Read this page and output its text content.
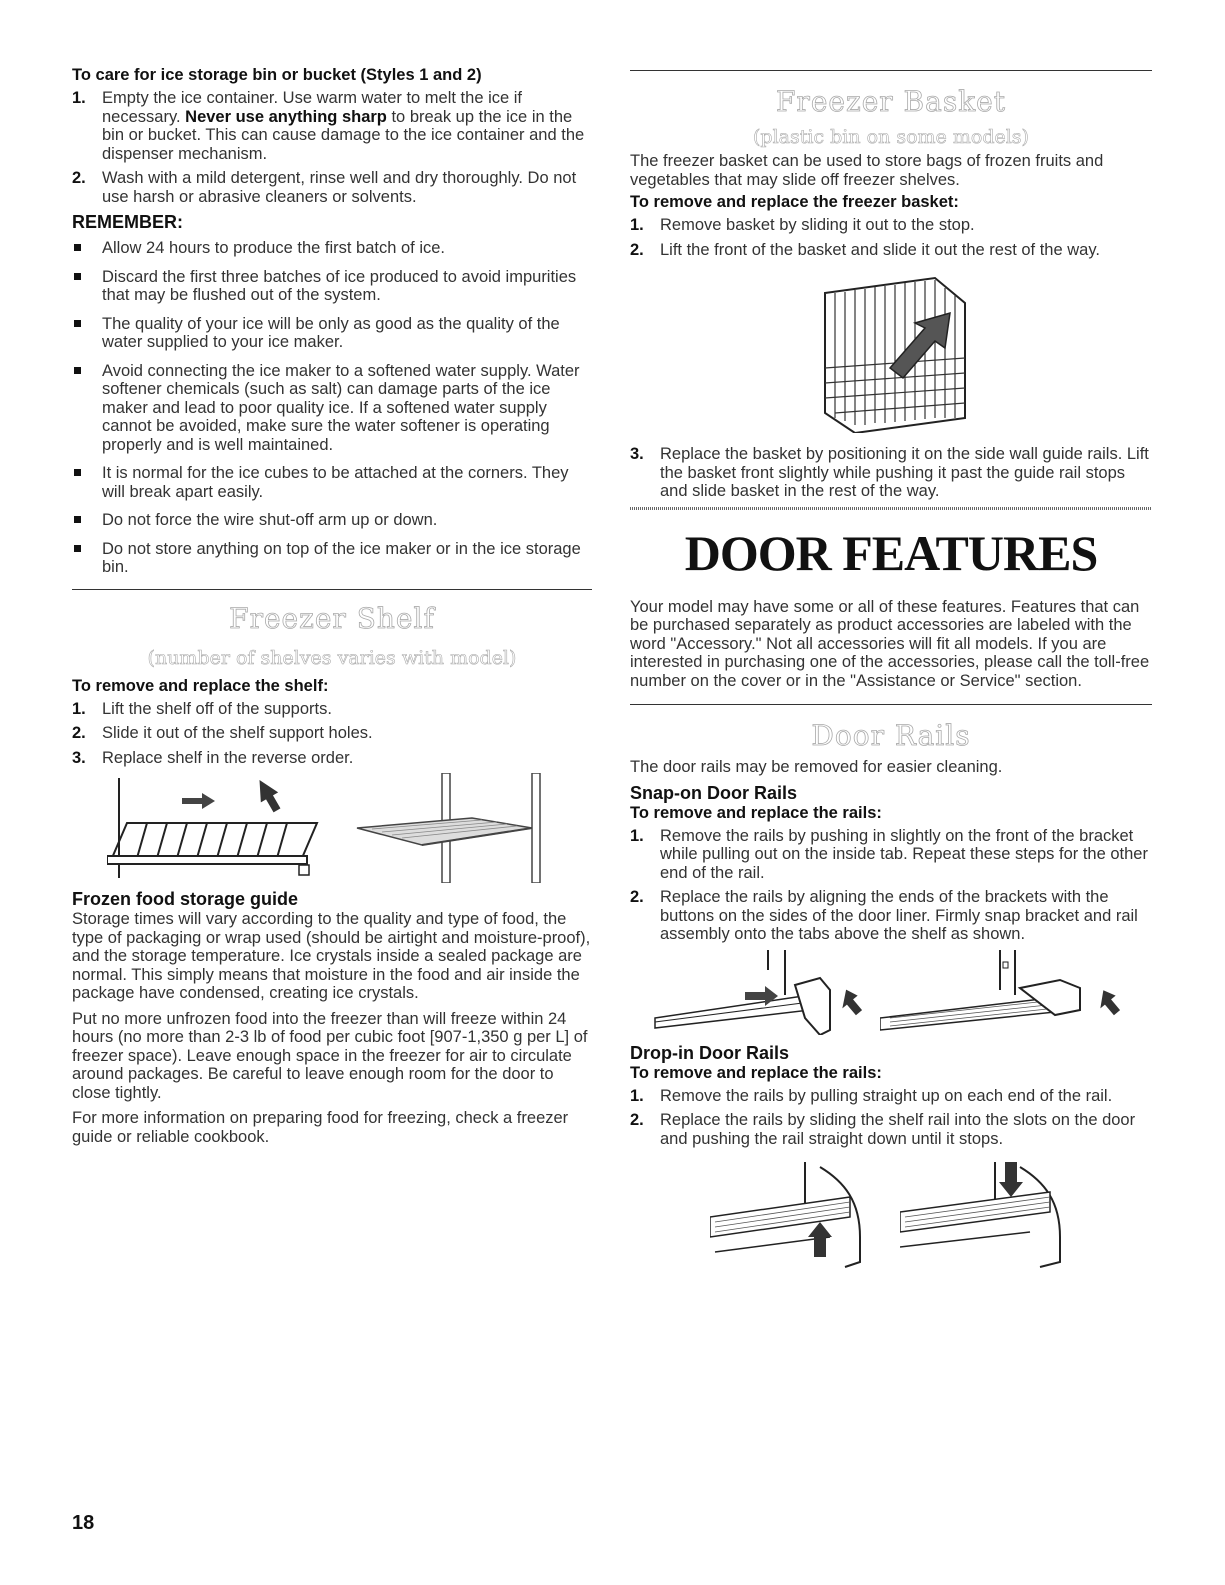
To care for ice storage bin or bucket (Styles 1 and 2)
1. Empty the ice container. Use warm water to melt the ice if necessary. Never use anything sharp to break up the ice in the bin or bucket. This can cause damage to the ice container and the dispenser mechanism.
2. Wash with a mild detergent, rinse well and dry thoroughly. Do not use harsh or abrasive cleaners or solvents.
REMEMBER:
Allow 24 hours to produce the first batch of ice.
Discard the first three batches of ice produced to avoid impurities that may be flushed out of the system.
The quality of your ice will be only as good as the quality of the water supplied to your ice maker.
Avoid connecting the ice maker to a softened water supply. Water softener chemicals (such as salt) can damage parts of the ice maker and lead to poor quality ice. If a softened water supply cannot be avoided, make sure the water softener is operating properly and is well maintained.
It is normal for the ice cubes to be attached at the corners. They will break apart easily.
Do not force the wire shut-off arm up or down.
Do not store anything on top of the ice maker or in the ice storage bin.
Freezer Shelf
(number of shelves varies with model)
To remove and replace the shelf:
1. Lift the shelf off of the supports.
2. Slide it out of the shelf support holes.
3. Replace shelf in the reverse order.
Frozen food storage guide

Storage times will vary according to the quality and type of food, the type of packaging or wrap used (should be airtight and moisture-proof), and the storage temperature. Ice crystals inside a sealed package are normal. This simply means that moisture in the food and air inside the package have condensed, creating ice crystals.

Put no more unfrozen food into the freezer than will freeze within 24 hours (no more than 2-3 lb of food per cubic foot [907-1,350 g per L] of freezer space). Leave enough space in the freezer for air to circulate around packages. Be careful to leave enough room for the door to close tightly.

For more information on preparing food for freezing, check a freezer guide or reliable cookbook.

Freezer Basket
(plastic bin on some models)

The freezer basket can be used to store bags of frozen fruits and vegetables that may slide off freezer shelves.

To remove and replace the freezer basket:
1. Remove basket by sliding it out to the stop.
2. Lift the front of the basket and slide it out the rest of the way.
3. Replace the basket by positioning it on the side wall guide rails. Lift the basket front slightly while pushing it past the guide rail stops and slide basket in the rest of the way.
DOOR FEATURES

Your model may have some or all of these features. Features that can be purchased separately as product accessories are labeled with the word "Accessory." Not all accessories will fit all models. If you are interested in purchasing one of the accessories, please call the toll-free number on the cover or in the "Assistance or Service" section.

Door Rails

The door rails may be removed for easier cleaning.

Snap-on Door Rails
To remove and replace the rails:
1. Remove the rails by pushing in slightly on the front of the bracket while pulling out on the inside tab. Repeat these steps for the other end of the rail.
2. Replace the rails by aligning the ends of the brackets with the buttons on the sides of the door liner. Firmly snap bracket and rail assembly onto the tabs above the shelf as shown.
Drop-in Door Rails
To remove and replace the rails:
1. Remove the rails by pulling straight up on each end of the rail.
2. Replace the rails by sliding the shelf rail into the slots on the door and pushing the rail straight down until it stops.
18
